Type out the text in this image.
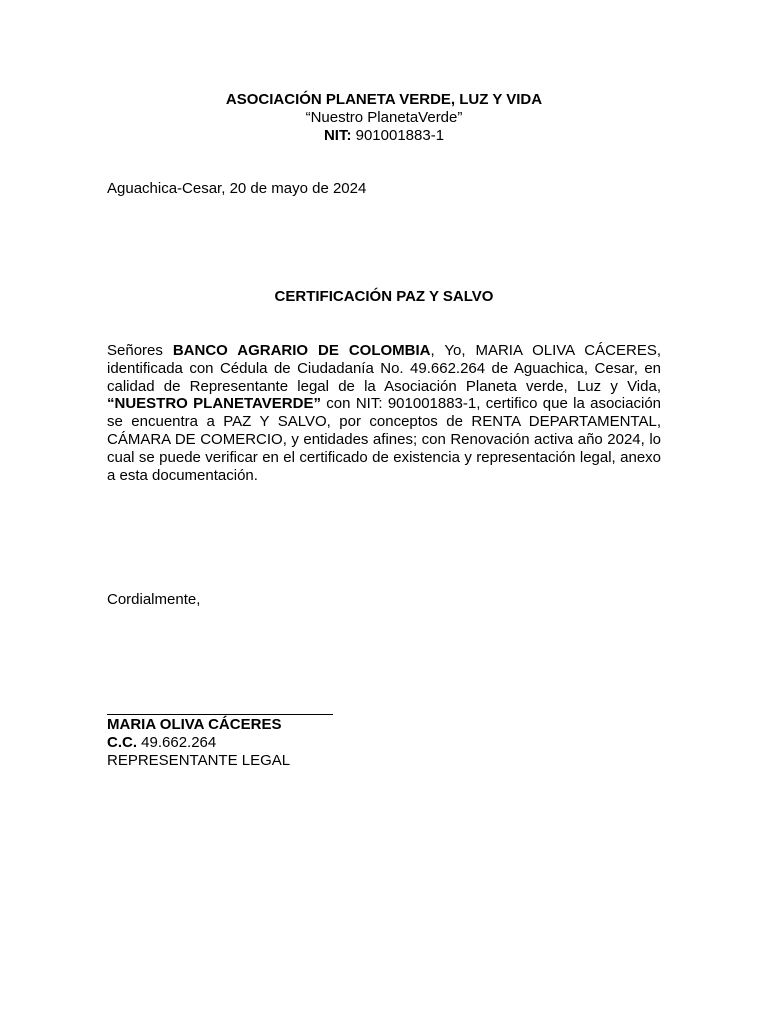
ASOCIACIÓN PLANETA VERDE, LUZ Y VIDA
“Nuestro PlanetaVerde”
NIT: 901001883-1
Aguachica-Cesar, 20 de mayo de 2024
CERTIFICACIÓN PAZ Y SALVO
Señores BANCO AGRARIO DE COLOMBIA, Yo, MARIA OLIVA CÁCERES, identificada con Cédula de Ciudadanía No. 49.662.264 de Aguachica, Cesar, en calidad de Representante legal de la Asociación Planeta verde, Luz y Vida, “NUESTRO PLANETAVERDE” con NIT: 901001883-1, certifico que la asociación se encuentra a PAZ Y SALVO, por conceptos de RENTA DEPARTAMENTAL, CÁMARA DE COMERCIO, y entidades afines; con Renovación activa año 2024, lo cual se puede verificar en el certificado de existencia y representación legal, anexo a esta documentación.
Cordialmente,
MARIA OLIVA CÁCERES
C.C. 49.662.264
REPRESENTANTE LEGAL
